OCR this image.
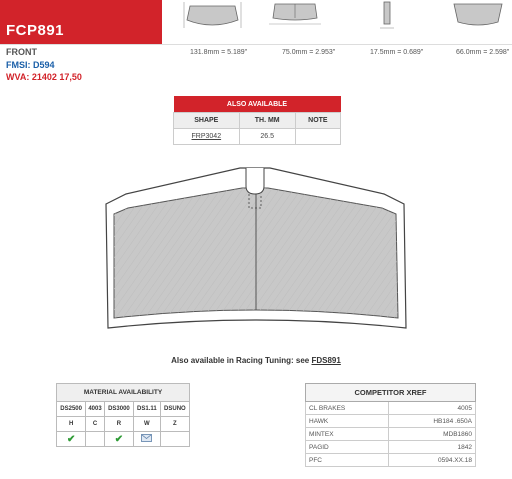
FCP891
FRONT
FMSI: D594
WVA: 21402 17,50
131.8mm = 5.189"	75.0mm = 2.953"	17.5mm = 0.689"	66.0mm = 2.598"
ALSO AVAILABLE		
SHAPE	TH. MM	NOTE
FRP3042	26.5	
Also available in Racing Tuning: see FDS891
MATERIAL AVAILABILITY				
DS2500	4003	DS3000	DS1.11	DSUNO
H	C	R	W	Z
✔		✔		
COMPETITOR XREF	
CL BRAKES	4005
HAWK	HB184 .650A
MINTEX	MDB1860
PAGID	1842
PFC	0594.XX.18
